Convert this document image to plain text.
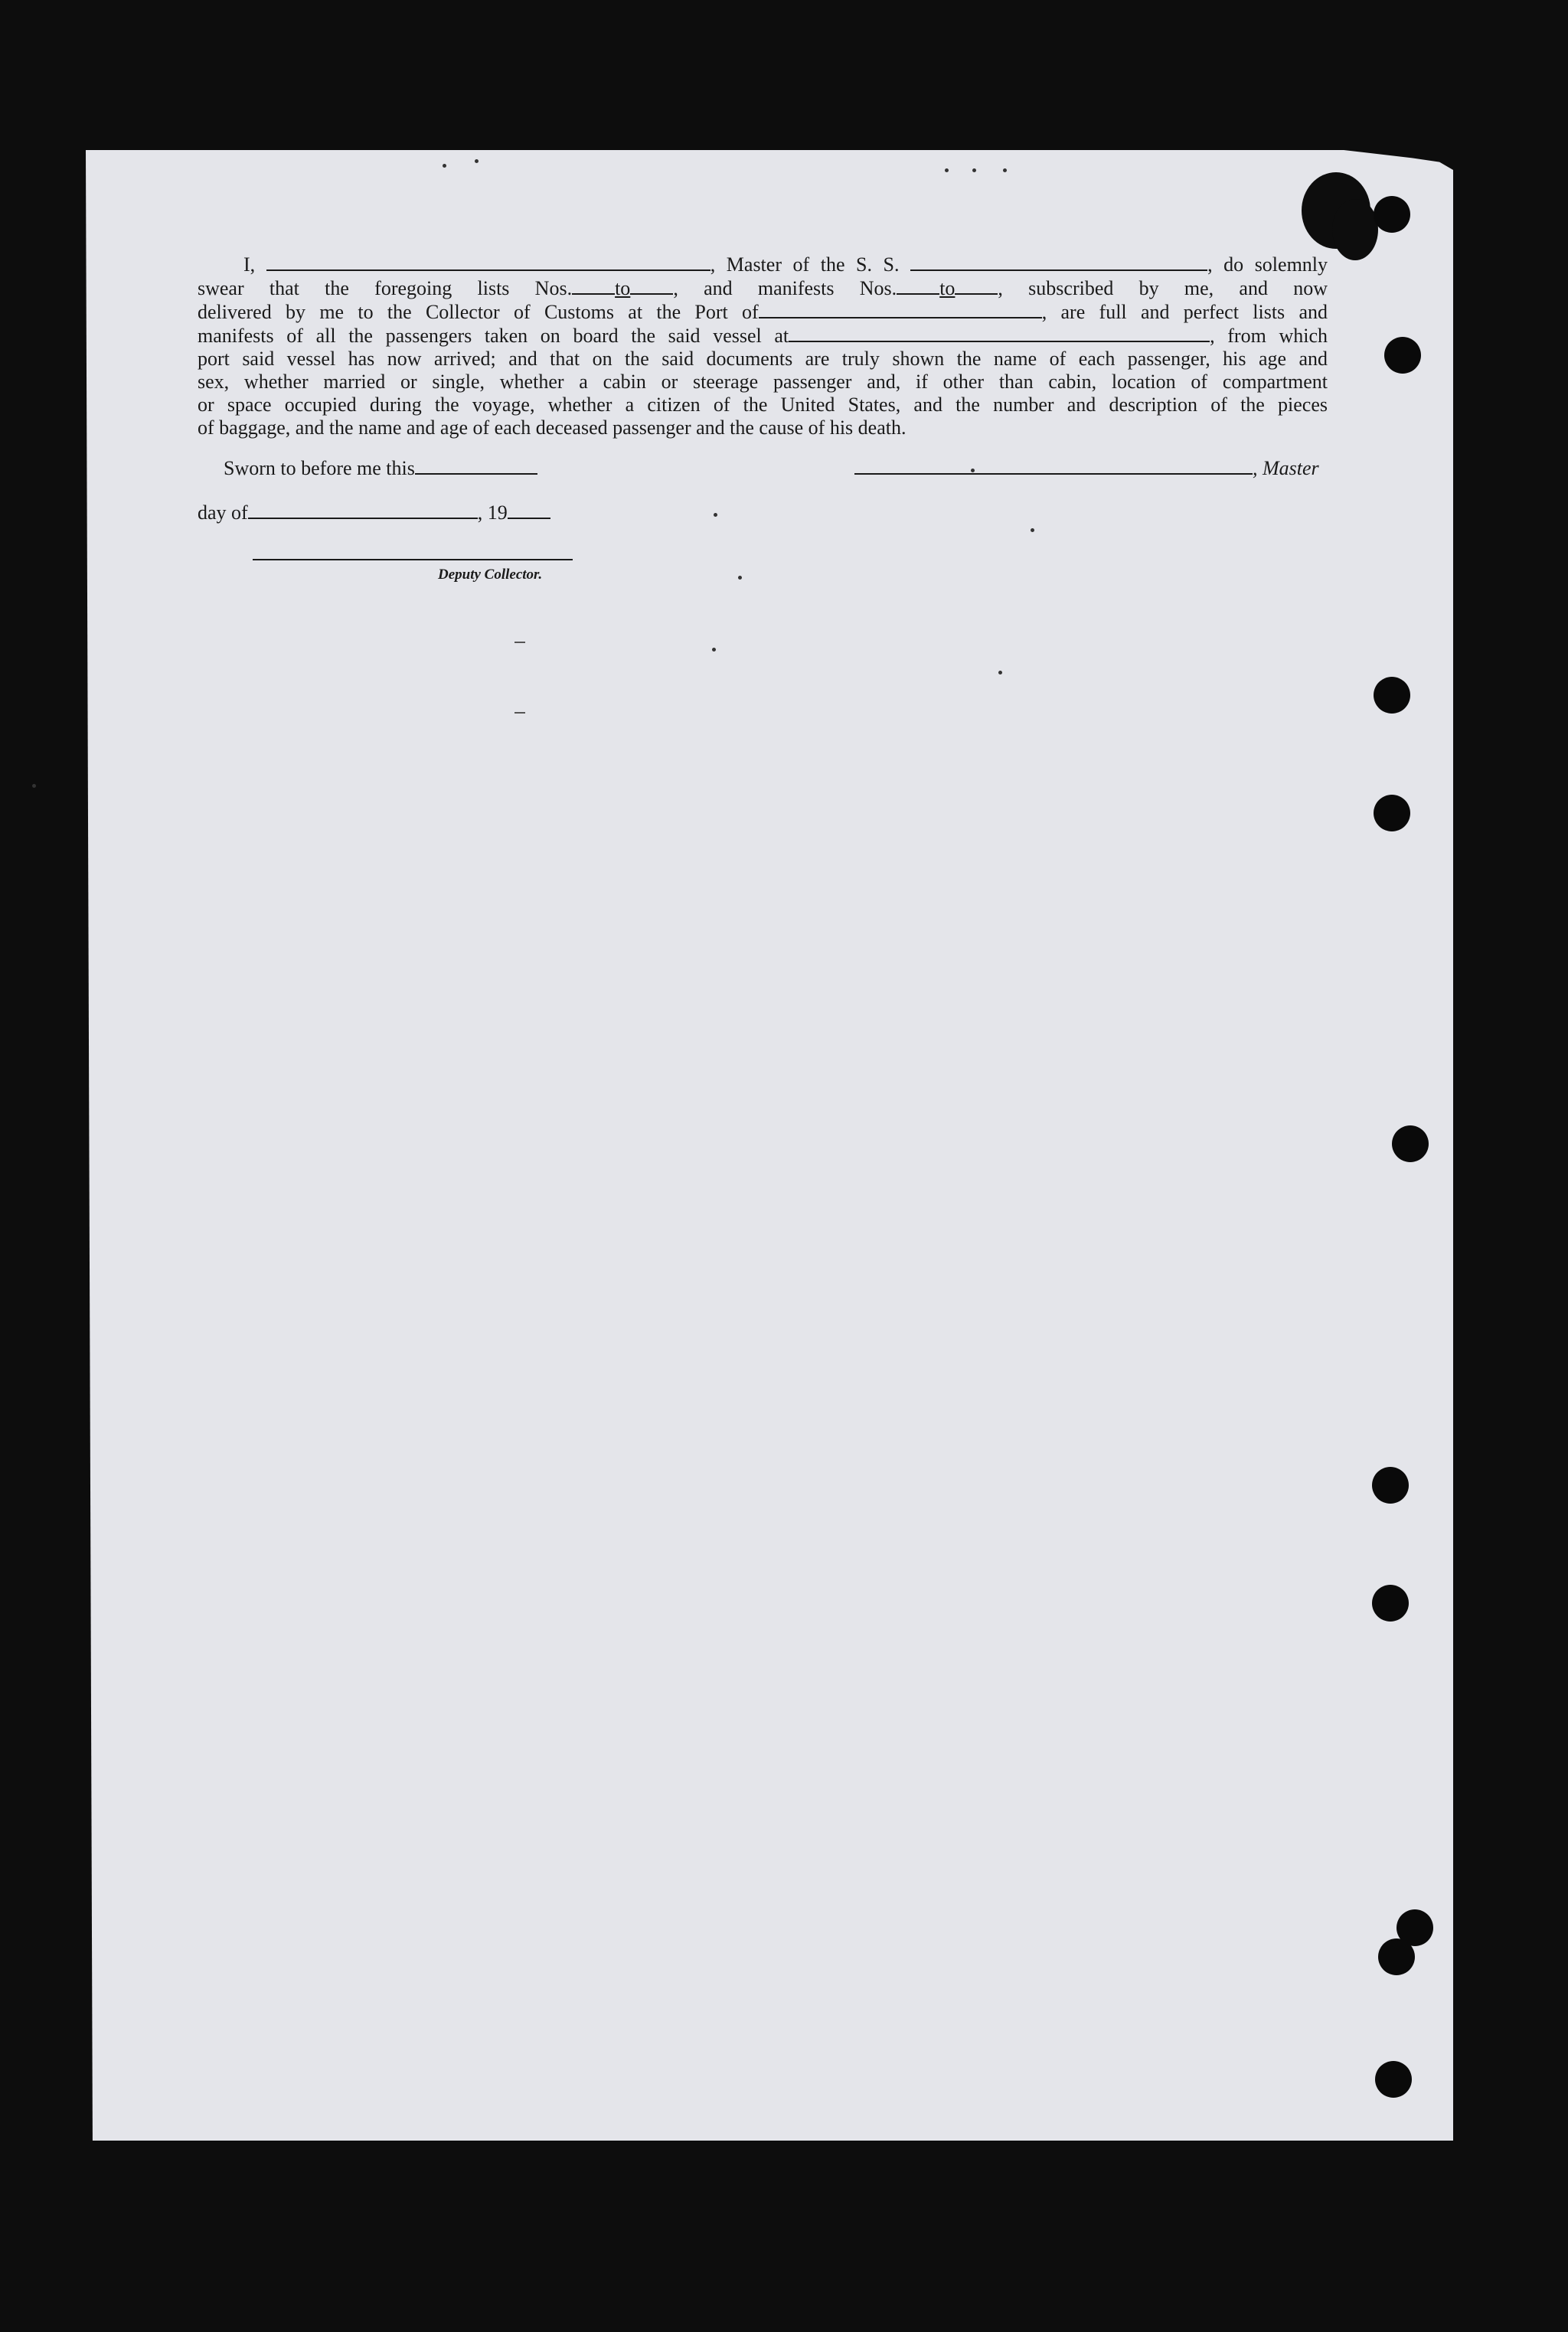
I,	, Master of the S. S.	, do solemnly
swear that the foregoing lists Nos. to , and manifests Nos. to , subscribed by me, and now
delivered by me to the Collector of Customs at the Port of	, are full and perfect lists and
manifests of all the passengers taken on board the said vessel at	, from which
port said vessel has now arrived; and that on the said documents are truly shown the name of each passenger, his age and
sex, whether married or single, whether a cabin or steerage passenger and, if other than cabin, location of compartment
or space occupied during the voyage, whether a citizen of the United States, and the number and description of the pieces
of baggage, and the name and age of each deceased passenger and the cause of his death.
Sworn to before me this	, Master
day of	, 19
Deputy Collector.
